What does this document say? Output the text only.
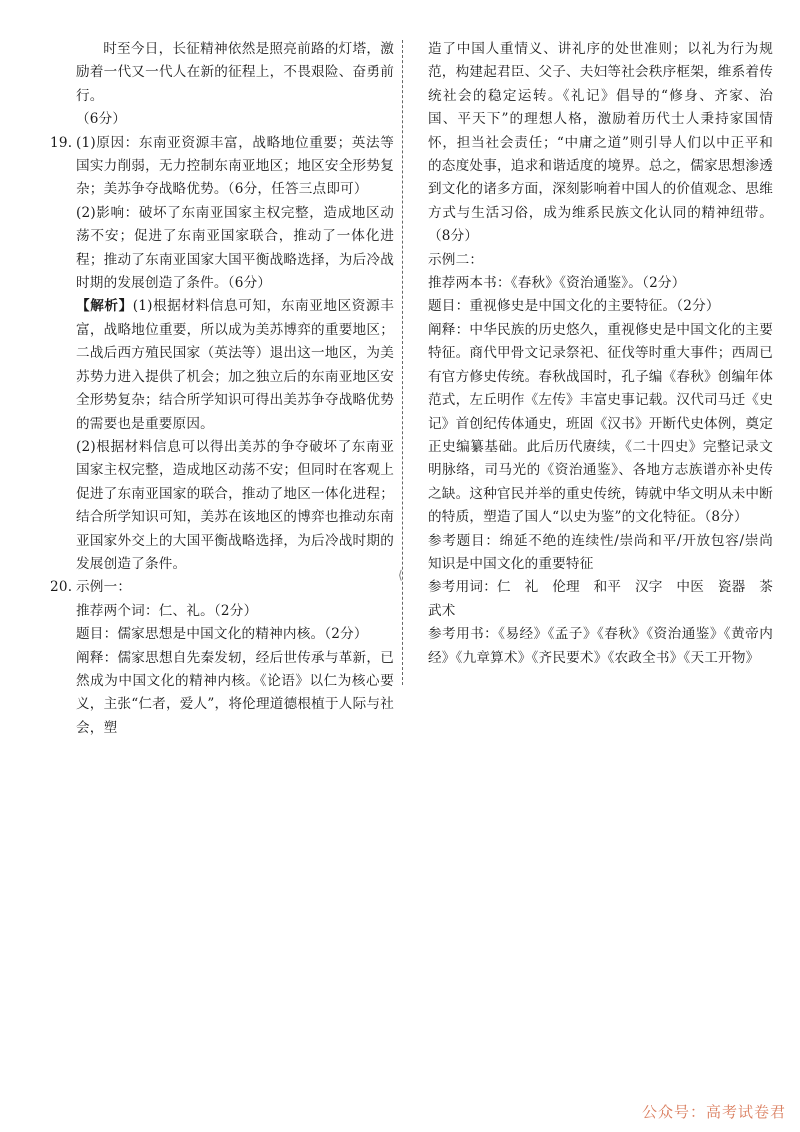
时至今日，长征精神依然是照亮前路的灯塔，激励着一代又一代人在新的征程上，不畏艰险、奋勇前行。

（6分）

19. (1)原因：东南亚资源丰富，战略地位重要；英法等国实力削弱，无力控制东南亚地区；地区安全形势复杂；美苏争夺战略优势。（6分，任答三点即可）

(2)影响：破坏了东南亚国家主权完整，造成地区动荡不安；促进了东南亚国家联合，推动了一体化进程；推动了东南亚国家大国平衡战略选择，为后冷战时期的发展创造了条件。（6分）

【解析】(1)根据材料信息可知，东南亚地区资源丰富，战略地位重要，所以成为美苏博弈的重要地区；二战后西方殖民国家（英法等）退出这一地区，为美苏势力进入提供了机会；加之独立后的东南亚地区安全形势复杂；结合所学知识可得出美苏争夺战略优势的需要也是重要原因。

(2)根据材料信息可以得出美苏的争夺破坏了东南亚国家主权完整，造成地区动荡不安；但同时在客观上促进了东南亚国家的联合，推动了地区一体化进程；结合所学知识可知，美苏在该地区的博弈也推动东南亚国家外交上的大国平衡战略选择，为后冷战时期的发展创造了条件。

20. 示例一：

推荐两个词：仁、礼。（2分）

题目：儒家思想是中国文化的精神内核。（2分）

阐释：儒家思想自先秦发轫，经后世传承与革新，已然成为中国文化的精神内核。《论语》以仁为核心要义，主张“仁者，爱人”，将伦理道德根植于人际与社会，塑

⟨

造了中国人重情义、讲礼序的处世准则；以礼为行为规范，构建起君臣、父子、夫妇等社会秩序框架，维系着传统社会的稳定运转。《礼记》倡导的“修身、齐家、治国、平天下”的理想人格，激励着历代士人秉持家国情怀，担当社会责任；“中庸之道”则引导人们以中正平和的态度处事，追求和谐适度的境界。总之，儒家思想渗透到文化的诸多方面，深刻影响着中国人的价值观念、思维方式与生活习俗，成为维系民族文化认同的精神纽带。（8分）

示例二：

推荐两本书：《春秋》《资治通鉴》。（2分）

题目：重视修史是中国文化的主要特征。（2分）

阐释：中华民族的历史悠久，重视修史是中国文化的主要特征。商代甲骨文记录祭祀、征伐等时重大事件；西周已有官方修史传统。春秋战国时，孔子编《春秋》创编年体范式，左丘明作《左传》丰富史事记载。汉代司马迁《史记》首创纪传体通史，班固《汉书》开断代史体例，奠定正史编纂基础。此后历代赓续，《二十四史》完整记录文明脉络，司马光的《资治通鉴》、各地方志族谱亦补史传之缺。这种官民并举的重史传统，铸就中华文明从未中断的特质，塑造了国人“以史为鉴”的文化特征。（8分）

参考题目：绵延不绝的连续性/崇尚和平/开放包容/崇尚知识是中国文化的重要特征

参考用词：仁　礼　伦理　和平　汉字　中医　瓷器　茶　武术

参考用书：《易经》《孟子》《春秋》《资治通鉴》《黄帝内经》《九章算术》《齐民要术》《农政全书》《天工开物》

公众号：高考试卷君
